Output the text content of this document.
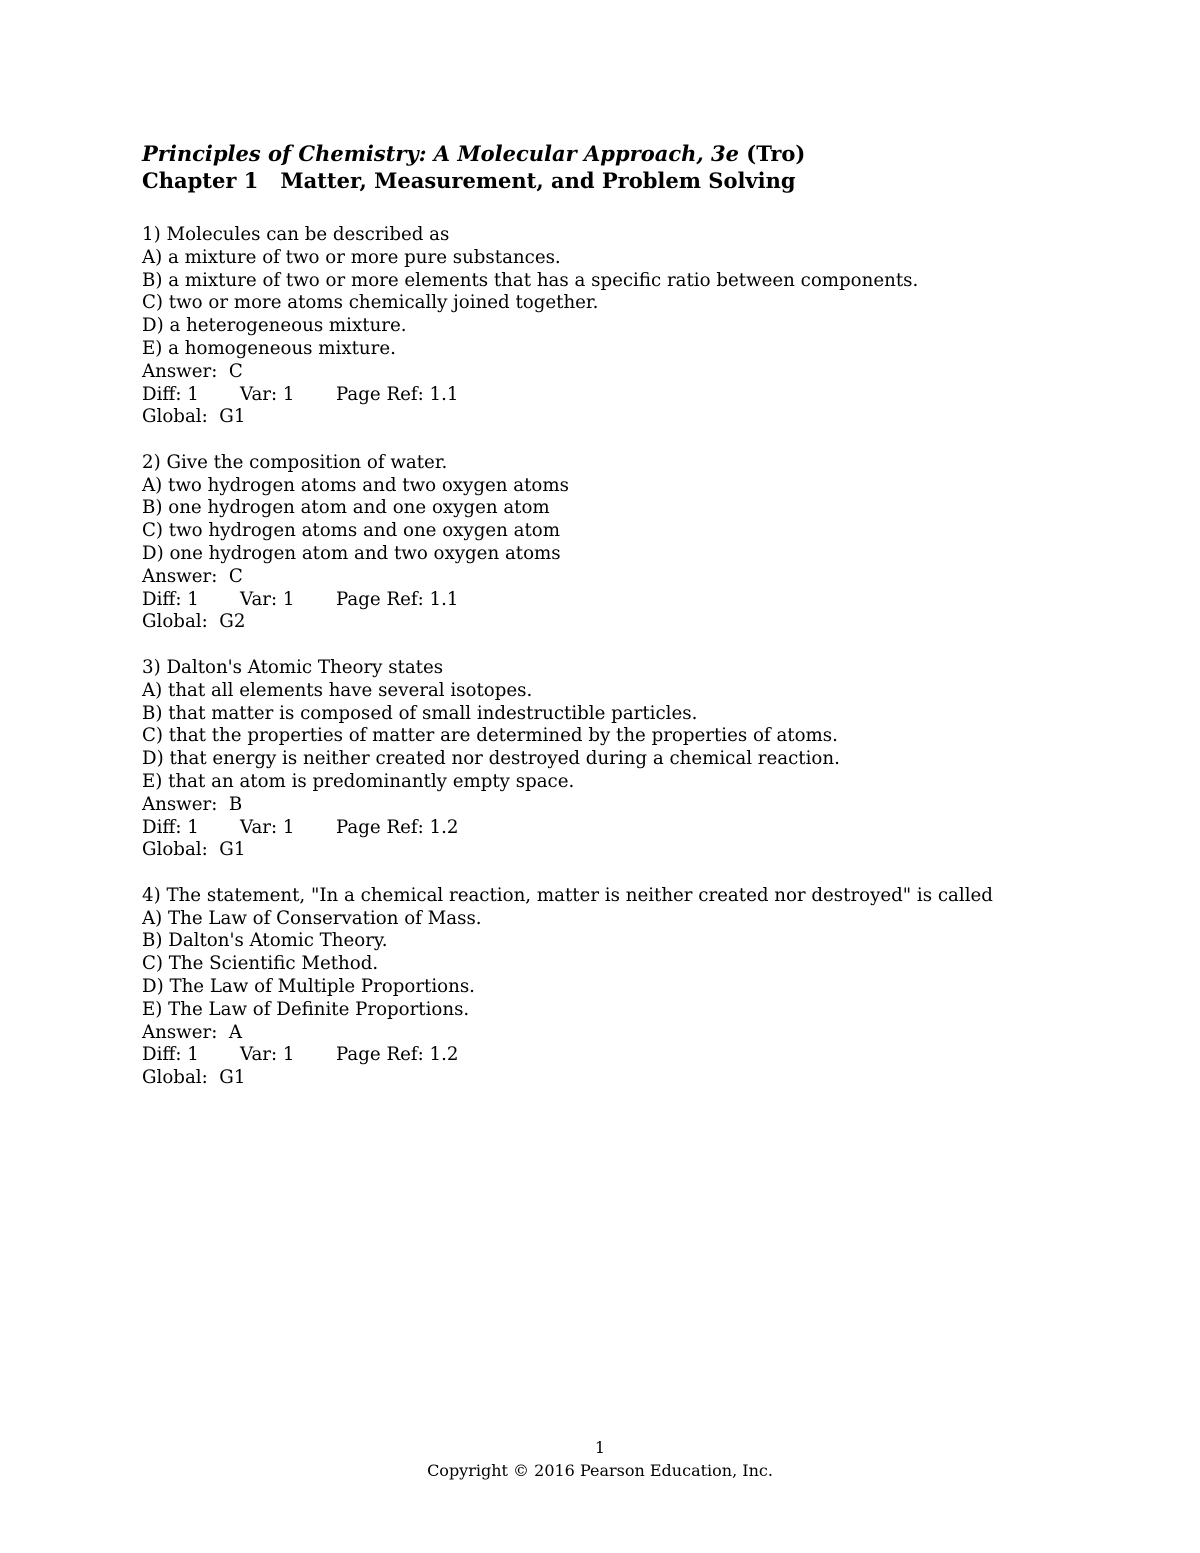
Principles of Chemistry: A Molecular Approach, 3e (Tro)
Chapter 1 Matter, Measurement, and Problem Solving
1) Molecules can be described as
A) a mixture of two or more pure substances.
B) a mixture of two or more elements that has a specific ratio between components.
C) two or more atoms chemically joined together.
D) a heterogeneous mixture.
E) a homogeneous mixture.
Answer:  C
Diff: 1 Var: 1 Page Ref: 1.1
Global:  G1
2) Give the composition of water.
A) two hydrogen atoms and two oxygen atoms
B) one hydrogen atom and one oxygen atom
C) two hydrogen atoms and one oxygen atom
D) one hydrogen atom and two oxygen atoms
Answer:  C
Diff: 1 Var: 1 Page Ref: 1.1
Global:  G2
3) Dalton's Atomic Theory states
A) that all elements have several isotopes.
B) that matter is composed of small indestructible particles.
C) that the properties of matter are determined by the properties of atoms.
D) that energy is neither created nor destroyed during a chemical reaction.
E) that an atom is predominantly empty space.
Answer:  B
Diff: 1 Var: 1 Page Ref: 1.2
Global:  G1
4) The statement, "In a chemical reaction, matter is neither created nor destroyed" is called
A) The Law of Conservation of Mass.
B) Dalton's Atomic Theory.
C) The Scientific Method.
D) The Law of Multiple Proportions.
E) The Law of Definite Proportions.
Answer:  A
Diff: 1 Var: 1 Page Ref: 1.2
Global:  G1
1
Copyright © 2016 Pearson Education, Inc.
